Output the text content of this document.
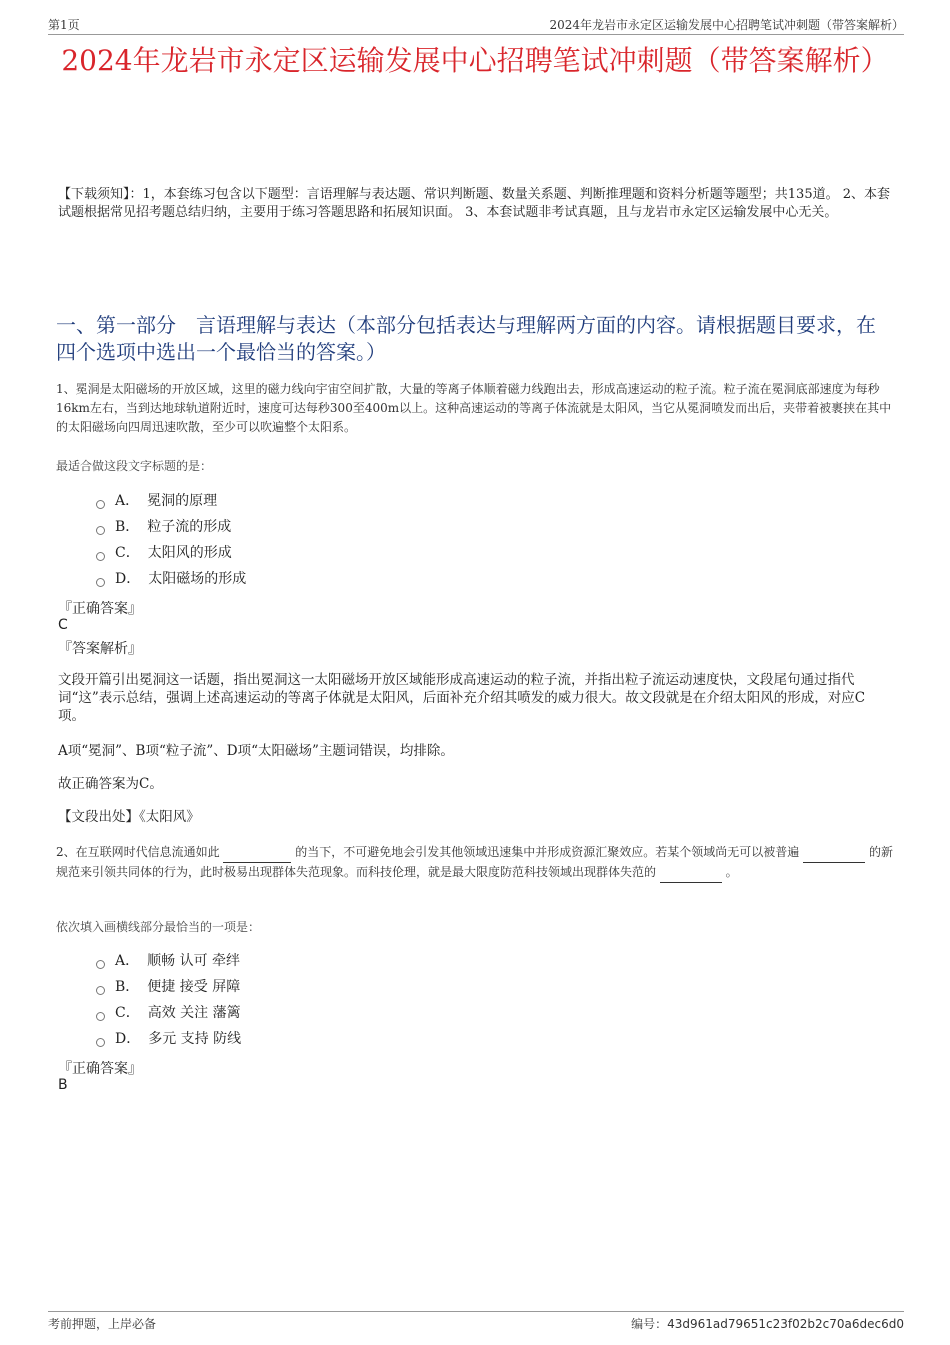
第1页	2024年龙岩市永定区运输发展中心招聘笔试冲刺题（带答案解析）
2024年龙岩市永定区运输发展中心招聘笔试冲刺题（带答案解析）
【下载须知】：1，本套练习包含以下题型：言语理解与表达题、常识判断题、数量关系题、判断推理题和资料分析题等题型；共135道。 2、本套试题根据常见招考题总结归纳，主要用于练习答题思路和拓展知识面。 3、本套试题非考试真题，且与龙岩市永定区运输发展中心无关。
一、第一部分　言语理解与表达（本部分包括表达与理解两方面的内容。请根据题目要求，在四个选项中选出一个最恰当的答案。）
1、冕洞是太阳磁场的开放区域，这里的磁力线向宇宙空间扩散，大量的等离子体顺着磁力线跑出去，形成高速运动的粒子流。粒子流在冕洞底部速度为每秒16km左右，当到达地球轨道附近时，速度可达每秒300至400m以上。这种高速运动的等离子体流就是太阳风，当它从冕洞喷发而出后，夹带着被裹挟在其中的太阳磁场向四周迅速吹散，至少可以吹遍整个太阳系。
最适合做这段文字标题的是：
A． 冕洞的原理
B． 粒子流的形成
C． 太阳风的形成
D． 太阳磁场的形成
『正确答案』
C
『答案解析』
文段开篇引出冕洞这一话题，指出冕洞这一太阳磁场开放区域能形成高速运动的粒子流，并指出粒子流运动速度快，文段尾句通过指代词“这”表示总结，强调上述高速运动的等离子体就是太阳风，后面补充介绍其喷发的威力很大。故文段就是在介绍太阳风的形成，对应C项。
A项“冕洞”、B项“粒子流”、D项“太阳磁场”主题词错误，均排除。
故正确答案为C。
【文段出处】《太阳风》
2、在互联网时代信息流通如此	的当下，不可避免地会引发其他领域迅速集中并形成资源汇聚效应。若某个领域尚无可以被普遍	的新规范来引领共同体的行为，此时极易出现群体失范现象。而科技伦理，就是最大限度防范科技领域出现群体失范的	。
依次填入画横线部分最恰当的一项是：
A． 顺畅 认可 牵绊
B． 便捷 接受 屏障
C． 高效 关注 藩篱
D． 多元 支持 防线
『正确答案』
B
考前押题，上岸必备	编号：43d961ad79651c23f02b2c70a6dec6d0
